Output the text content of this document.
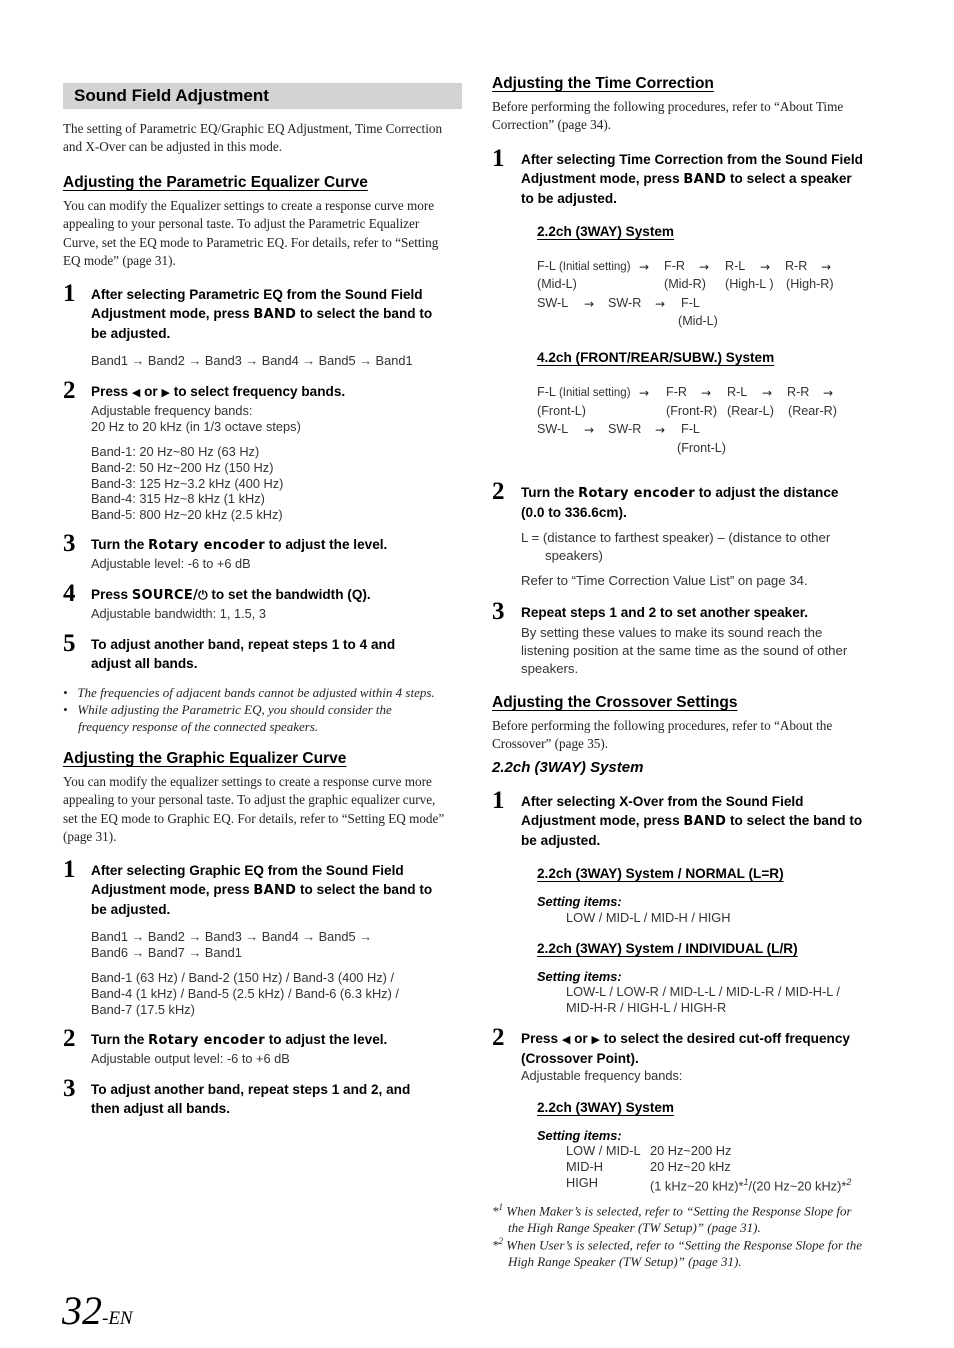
Sound Field Adjustment
The setting of Parametric EQ/Graphic EQ Adjustment, Time Correction
and X-Over can be adjusted in this mode.
Adjusting the Parametric Equalizer Curve
You can modify the Equalizer settings to create a response curve more
appealing to your personal taste. To adjust the Parametric Equalizer
Curve, set the EQ mode to Parametric EQ. For details, refer to “Setting
EQ mode” (page 31).
1 After selecting Parametric EQ from the Sound Field
Adjustment mode, press BAND to select the band to
be adjusted.
Band1 → Band2 → Band3 → Band4 → Band5 → Band1
2 Press ◀ or ▶ to select frequency bands.
Adjustable frequency bands:
20 Hz to 20 kHz (in 1/3 octave steps)
Band-1: 20 Hz~80 Hz (63 Hz)
Band-2: 50 Hz~200 Hz (150 Hz)
Band-3: 125 Hz~3.2 kHz (400 Hz)
Band-4: 315 Hz~8 kHz (1 kHz)
Band-5: 800 Hz~20 kHz (2.5 kHz)
3 Turn the Rotary encoder to adjust the level.
Adjustable level: -6 to +6 dB
4 Press SOURCE/⏻ to set the bandwidth (Q).
Adjustable bandwidth: 1, 1.5, 3
5 To adjust another band, repeat steps 1 to 4 and
adjust all bands.
•   The frequencies of adjacent bands cannot be adjusted within 4 steps.
•   While adjusting the Parametric EQ, you should consider the
frequency response of the connected speakers.
Adjusting the Graphic Equalizer Curve
You can modify the equalizer settings to create a response curve more
appealing to your personal taste. To adjust the graphic equalizer curve,
set the EQ mode to Graphic EQ. For details, refer to “Setting EQ mode”
(page 31).
1 After selecting Graphic EQ from the Sound Field
Adjustment mode, press BAND to select the band to
be adjusted.
Band1 → Band2 → Band3 → Band4 → Band5 →
Band6 → Band7 → Band1
Band-1 (63 Hz) / Band-2 (150 Hz) / Band-3 (400 Hz) /
Band-4 (1 kHz) / Band-5 (2.5 kHz) / Band-6 (6.3 kHz) /
Band-7 (17.5 kHz)
2 Turn the Rotary encoder to adjust the level.
Adjustable output level: -6 to +6 dB
3 To adjust another band, repeat steps 1 and 2, and
then adjust all bands.
32-EN
Adjusting the Time Correction
Before performing the following procedures, refer to “About Time
Correction” (page 34).
1 After selecting Time Correction from the Sound Field
Adjustment mode, press BAND to select a speaker
to be adjusted.
2.2ch (3WAY) System
F-L (Initial setting) → F-R → R-L → R-R →
(Mid-L)	(Mid-R) (High-L ) (High-R)
SW-L → SW-R → F-L
(Mid-L)
4.2ch (FRONT/REAR/SUBW.) System
F-L (Initial setting) → F-R → R-L → R-R →
(Front-L)	(Front-R) (Rear-L) (Rear-R)
SW-L → SW-R → F-L
(Front-L)
2 Turn the Rotary encoder to adjust the distance
(0.0 to 336.6cm).
L = (distance to farthest speaker) – (distance to other
speakers)
Refer to “Time Correction Value List” on page 34.
3 Repeat steps 1 and 2 to set another speaker.
By setting these values to make its sound reach the
listening position at the same time as the sound of other
speakers.
Adjusting the Crossover Settings
Before performing the following procedures, refer to “About the
Crossover” (page 35).
2.2ch (3WAY) System
1 After selecting X-Over from the Sound Field
Adjustment mode, press BAND to select the band to
be adjusted.
2.2ch (3WAY) System / NORMAL (L=R)
Setting items:
LOW / MID-L / MID-H / HIGH
2.2ch (3WAY) System / INDIVIDUAL (L/R)
Setting items:
LOW-L / LOW-R / MID-L-L / MID-L-R / MID-H-L /
MID-H-R / HIGH-L / HIGH-R
2 Press ◀ or ▶ to select the desired cut-off frequency
(Crossover Point).
Adjustable frequency bands:
2.2ch (3WAY) System
Setting items:
LOW / MID-L 20 Hz~200 Hz
MID-H	20 Hz~20 kHz
HIGH	(1 kHz~20 kHz)*$^1$/(20 Hz~20 kHz)*$^2$
*$^1$ When Maker’s is selected, refer to “Setting the Response Slope for
the High Range Speaker (TW Setup)” (page 31).
*$^2$ When User’s is selected, refer to “Setting the Response Slope for the
High Range Speaker (TW Setup)” (page 31).
